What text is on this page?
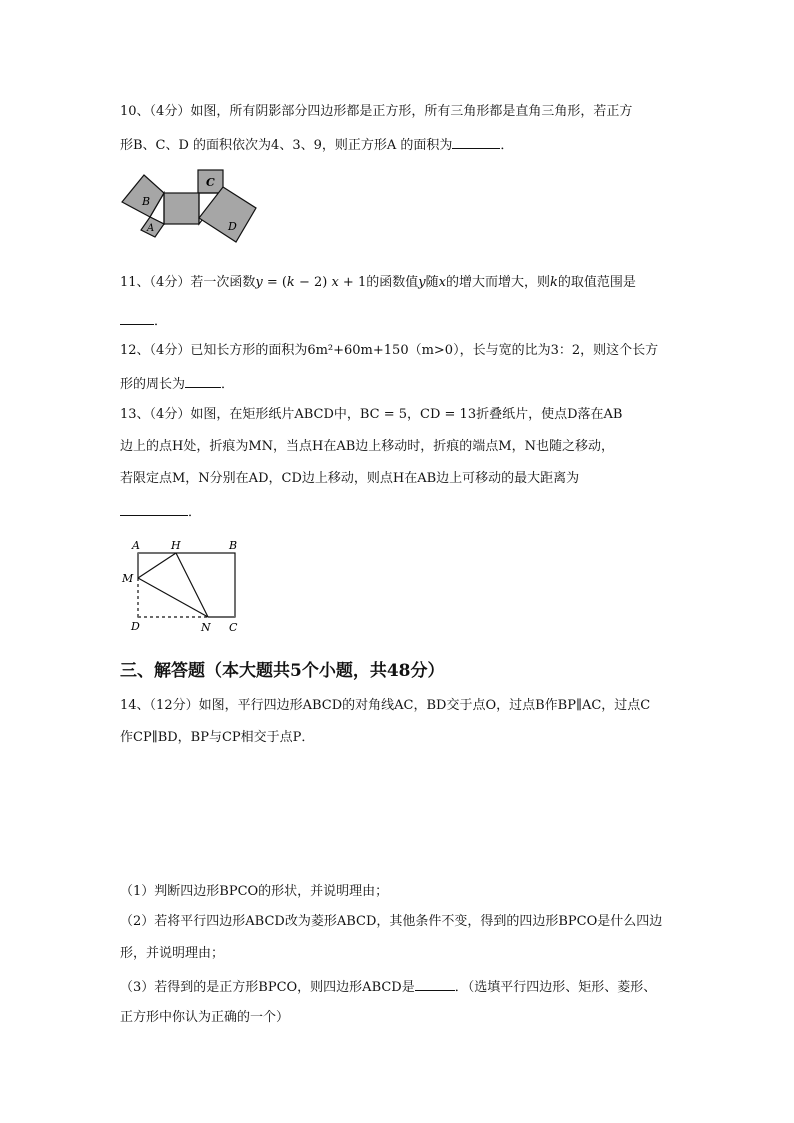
10、（4分）如图，所有阴影部分四边形都是正方形，所有三角形都是直角三角形，若正方
形B、C、D 的面积依次为4、3、9，则正方形A 的面积为	．
B
A
C
D
11、（4分）若一次函数y = (k − 2) x + 1的函数值y随x的增大而增大，则k的取值范围是
．
12、（4分）已知长方形的面积为6m²+60m+150（m>0），长与宽的比为3：2，则这个长方
形的周长为	．
13、（4分）如图，在矩形纸片ABCD中，BC = 5，CD = 13折叠纸片，使点D落在AB
边上的点H处，折痕为MN，当点H在AB边上移动时，折痕的端点M，N也随之移动，
若限定点M，N分别在AD，CD边上移动，则点H在AB边上可移动的最大距离为
．
A	H	B
M
D	N C
三、解答题（本大题共5个小题，共48分）
14、（12分）如图，平行四边形ABCD的对角线AC，BD交于点O，过点B作BP∥AC，过点C
作CP∥BD，BP与CP相交于点P．
（1）判断四边形BPCO的形状，并说明理由；
（2）若将平行四边形ABCD改为菱形ABCD，其他条件不变，得到的四边形BPCO是什么四边
形，并说明理由；
（3）若得到的是正方形BPCO，则四边形ABCD是	．（选填平行四边形、矩形、菱形、
正方形中你认为正确的一个）
